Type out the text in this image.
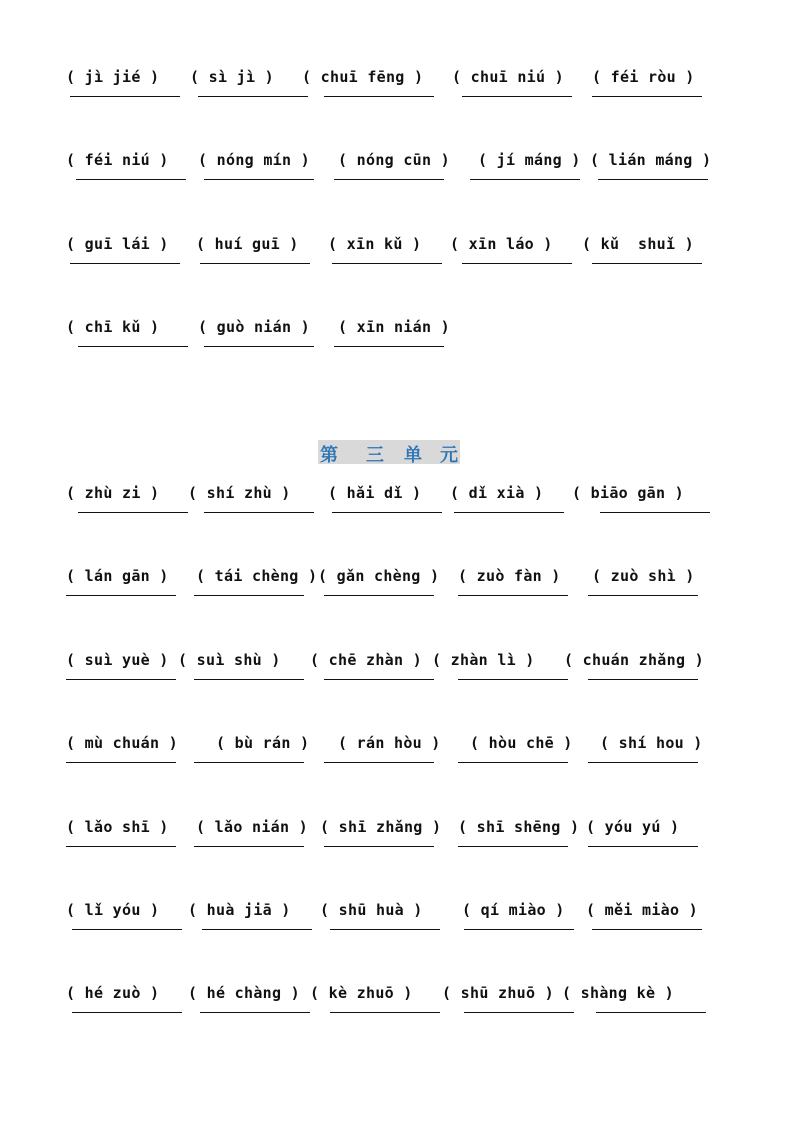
( jì jié ) ( sì jì ) ( chuī fēng ) ( chuī niú ) ( féi ròu )
( féi niú ) ( nóng mín ) ( nóng cūn ) ( jí máng ) ( lián máng )
( guī lái ) ( huí guī ) ( xīn kǔ ) ( xīn láo ) ( kǔ  shuǐ )
( chī kǔ )	( guò nián ) ( xīn nián )
第 三 单 元
( zhù zi ) ( shí zhù ) ( hǎi dǐ ) ( dǐ xià ) ( biāo gān )
( lán gān ) ( tái chèng ) ( gǎn chèng ) ( zuò fàn ) ( zuò shì )
( suì yuè ) ( suì shù ) ( chē zhàn ) ( zhàn lì ) ( chuán zhǎng )
( mù chuán )	( bù rán ) ( rán hòu ) ( hòu chē ) ( shí hou )
( lǎo shī ) ( lǎo nián ) ( shī zhǎng ) ( shī shēng ) ( yóu yú )
( lǐ yóu ) ( huà jiā ) ( shū huà )	( qí miào ) ( měi miào )
( hé zuò ) ( hé chàng ) ( kè zhuō ) ( shū zhuō ) ( shàng kè )
